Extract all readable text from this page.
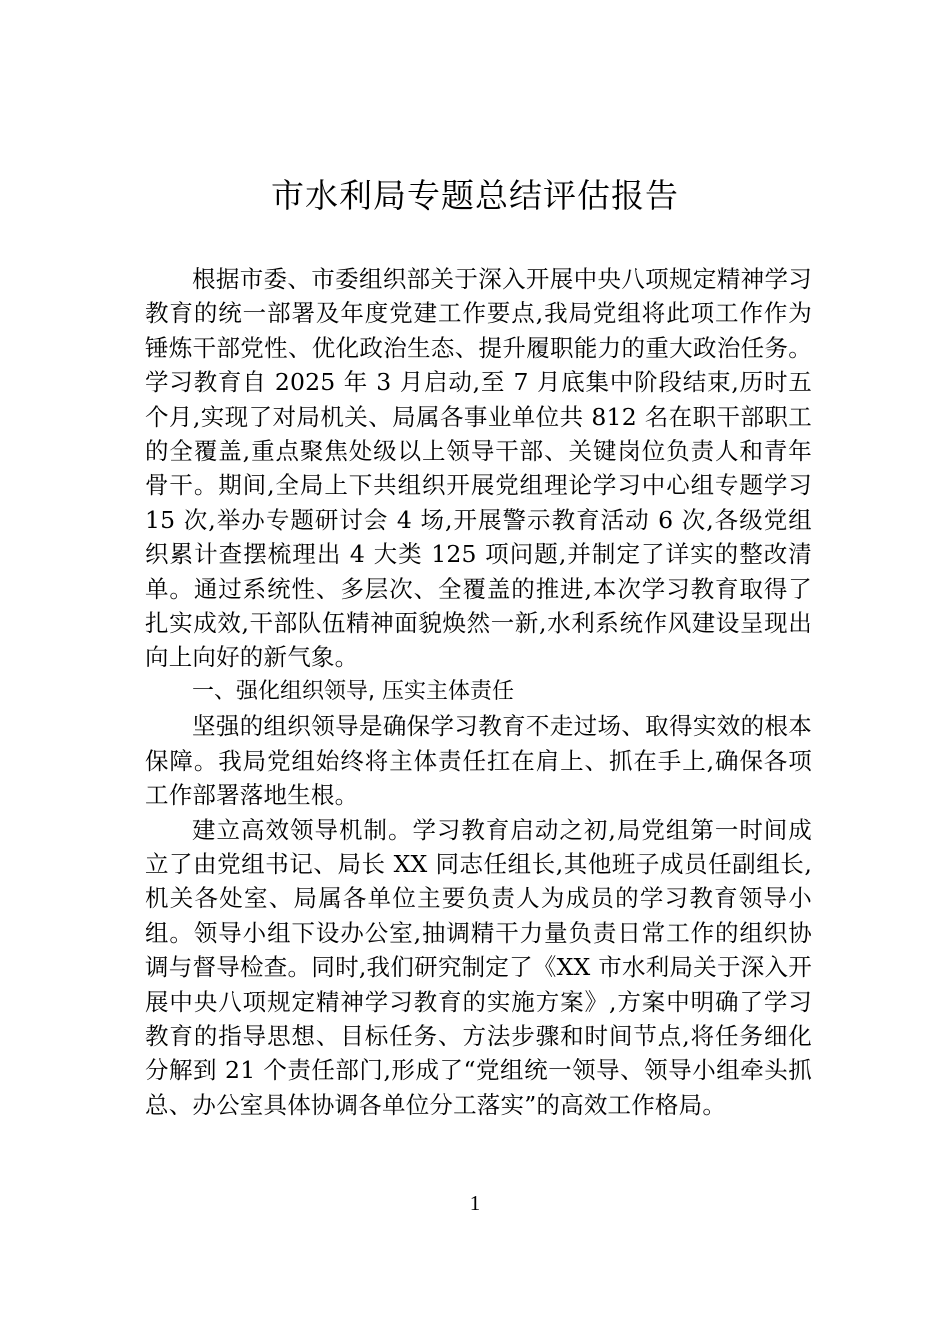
市水利局专题总结评估报告

根据市委、市委组织部关于深入开展中央八项规定精神学习教育的统一部署及年度党建工作要点,我局党组将此项工作作为锤炼干部党性、优化政治生态、提升履职能力的重大政治任务。学习教育自 2025 年 3 月启动,至 7 月底集中阶段结束,历时五个月,实现了对局机关、局属各事业单位共 812 名在职干部职工的全覆盖,重点聚焦处级以上领导干部、关键岗位负责人和青年骨干。期间,全局上下共组织开展党组理论学习中心组专题学习 15 次,举办专题研讨会 4 场,开展警示教育活动 6 次,各级党组织累计查摆梳理出 4 大类 125 项问题,并制定了详实的整改清单。通过系统性、多层次、全覆盖的推进,本次学习教育取得了扎实成效,干部队伍精神面貌焕然一新,水利系统作风建设呈现出向上向好的新气象。

一、强化组织领导, 压实主体责任

坚强的组织领导是确保学习教育不走过场、取得实效的根本保障。我局党组始终将主体责任扛在肩上、抓在手上,确保各项工作部署落地生根。

建立高效领导机制。学习教育启动之初,局党组第一时间成立了由党组书记、局长 XX 同志任组长,其他班子成员任副组长,机关各处室、局属各单位主要负责人为成员的学习教育领导小组。领导小组下设办公室,抽调精干力量负责日常工作的组织协调与督导检查。同时,我们研究制定了《XX 市水利局关于深入开展中央八项规定精神学习教育的实施方案》,方案中明确了学习教育的指导思想、目标任务、方法步骤和时间节点,将任务细化分解到 21 个责任部门,形成了“党组统一领导、领导小组牵头抓总、办公室具体协调各单位分工落实”的高效工作格局。

1
